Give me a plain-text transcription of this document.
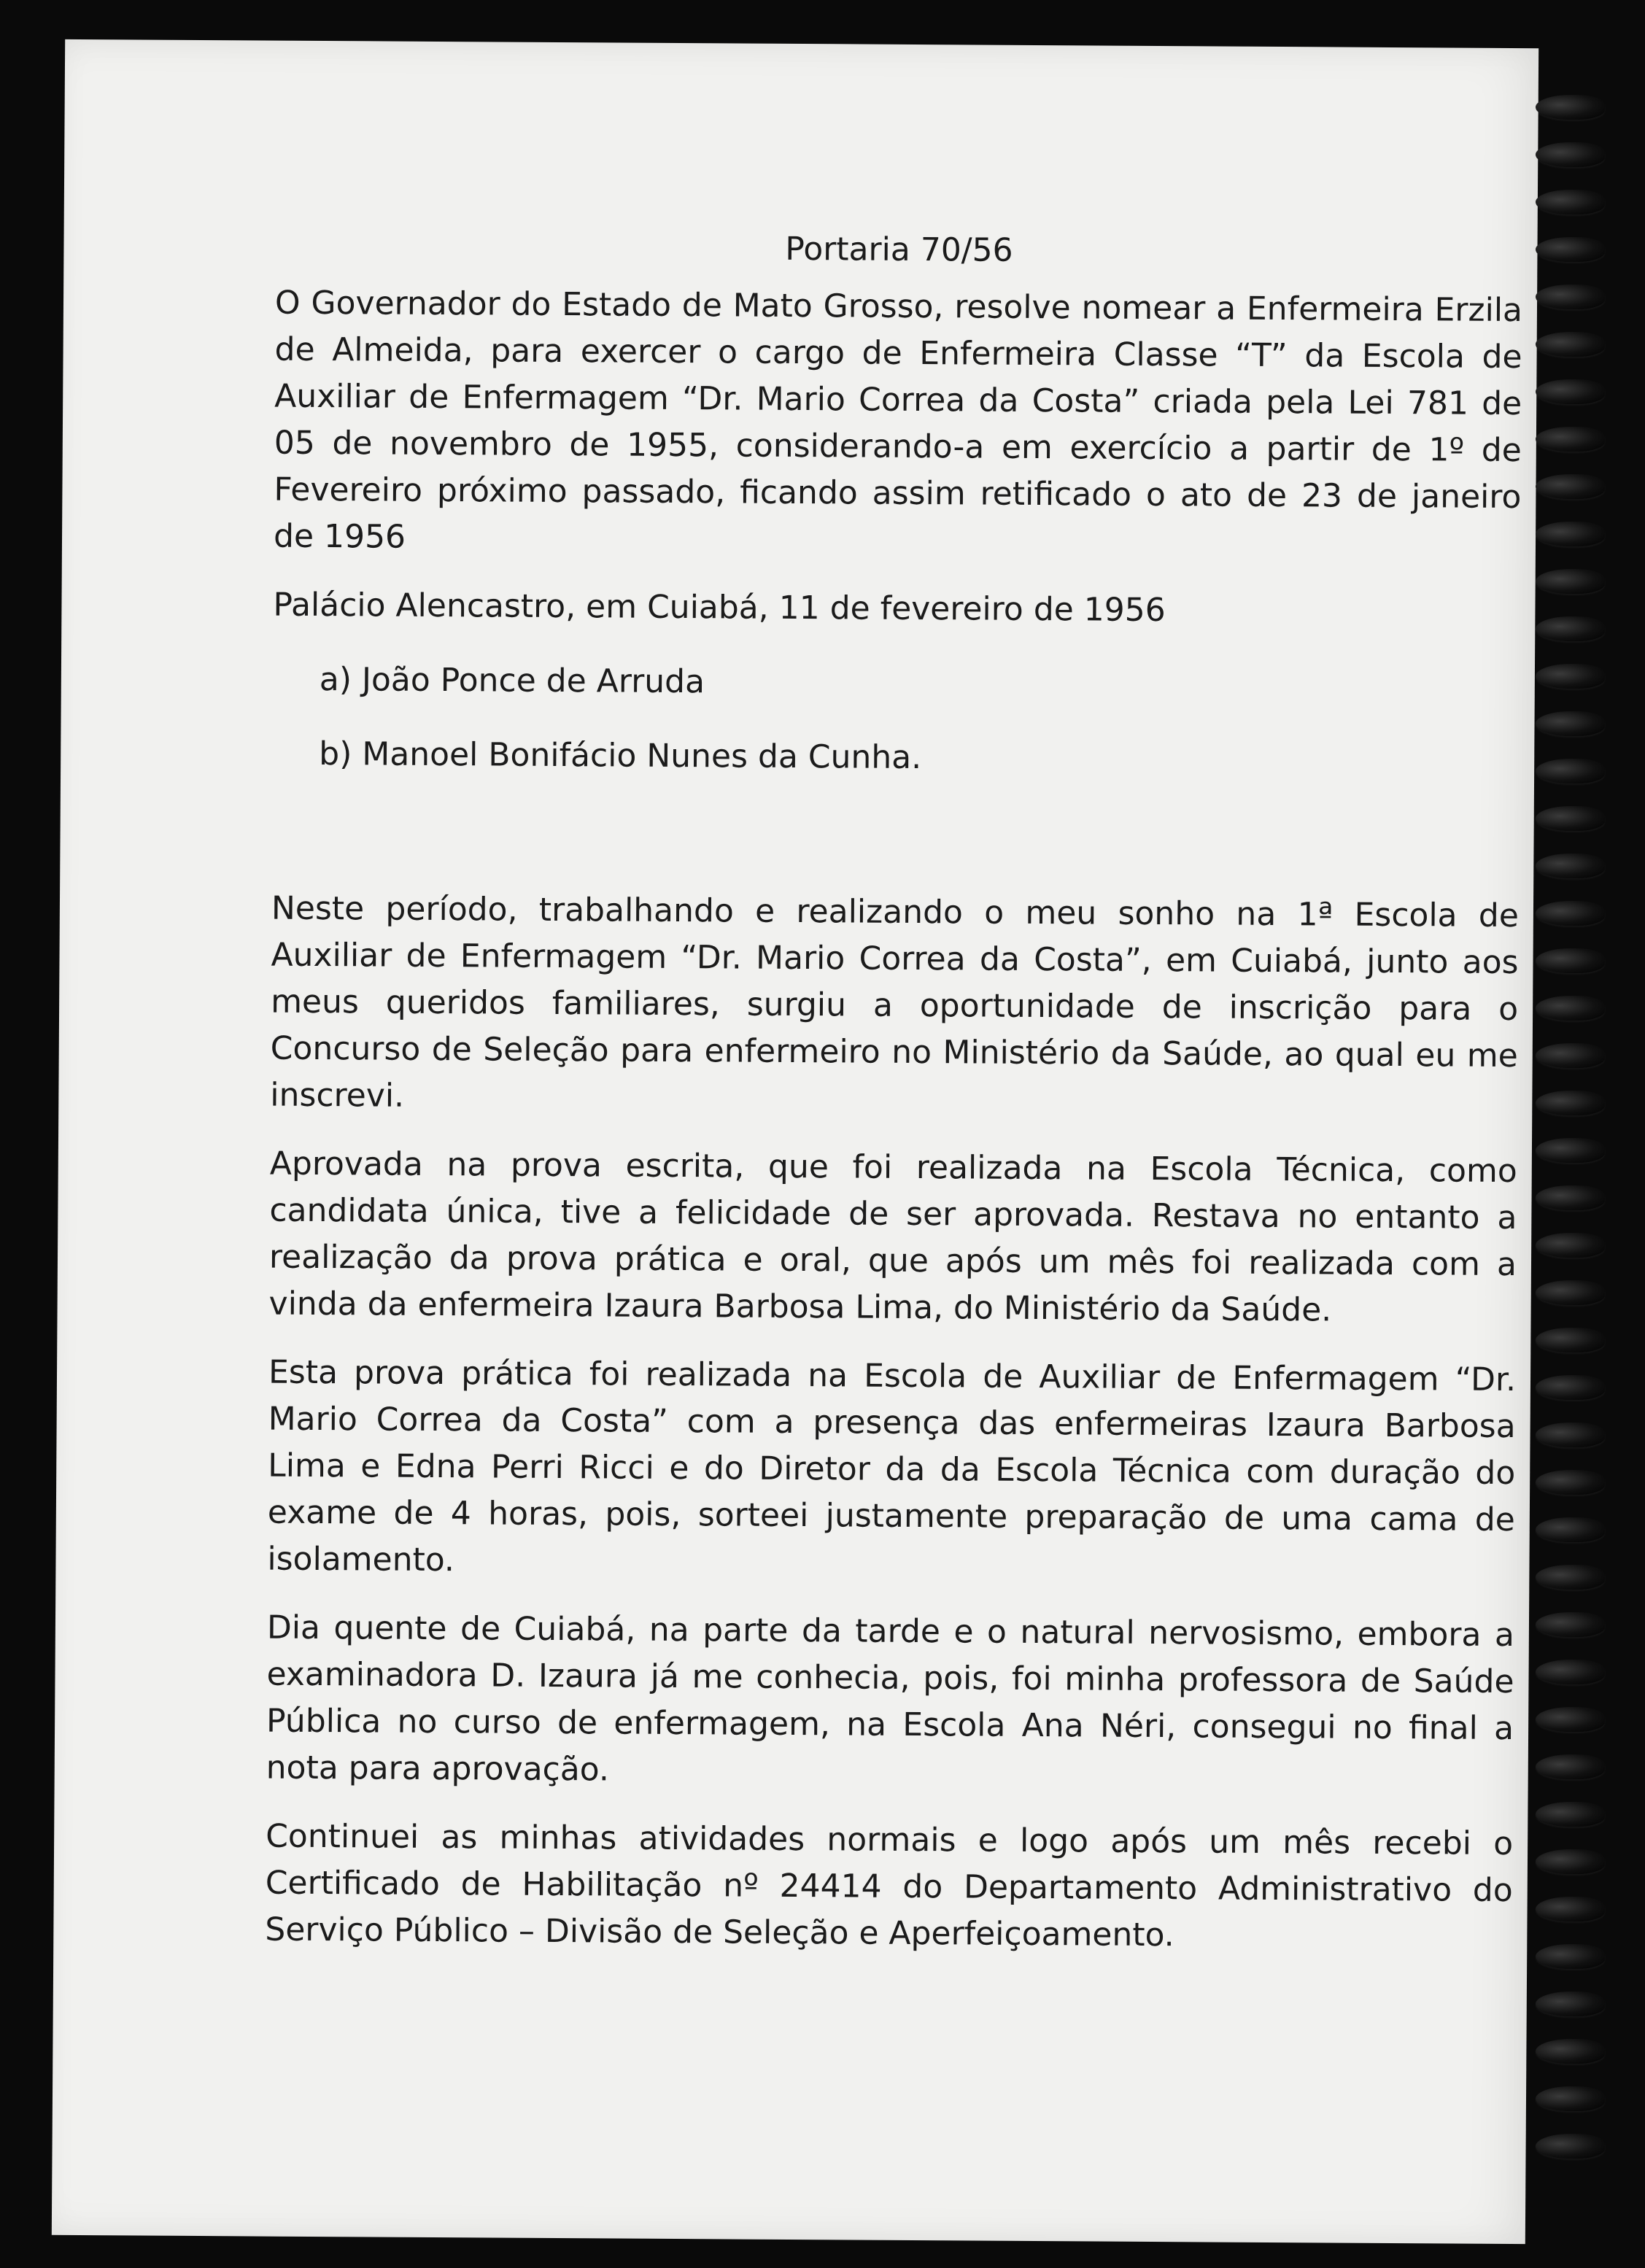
Portaria 70/56

O Governador do Estado de Mato Grosso, resolve nomear a Enfermeira Erzila de Almeida, para exercer o cargo de Enfermeira Classe “T” da Escola de Auxiliar de Enfermagem “Dr. Mario Correa da Costa” criada pela Lei 781 de 05 de novembro de 1955, considerando-a em exercício a partir de 1º de Fevereiro próximo passado, ficando assim retificado o ato de 23 de janeiro de 1956

Palácio Alencastro, em Cuiabá, 11 de fevereiro de 1956

a) João Ponce de Arruda

b) Manoel Bonifácio Nunes da Cunha.

Neste período, trabalhando e realizando o meu sonho na 1ª Escola de Auxiliar de Enfermagem “Dr. Mario Correa da Costa”, em Cuiabá, junto aos meus queridos familiares, surgiu a oportunidade de inscrição para o Concurso de Seleção para enfermeiro no Ministério da Saúde, ao qual eu me inscrevi.

Aprovada na prova escrita, que foi realizada na Escola Técnica, como candidata única, tive a felicidade de ser aprovada. Restava no entanto a realização da prova prática e oral, que após um mês foi realizada com a vinda da enfermeira Izaura Barbosa Lima, do Ministério da Saúde.

Esta prova prática foi realizada na Escola de Auxiliar de Enfermagem “Dr. Mario Correa da Costa” com a presença das enfermeiras Izaura Barbosa Lima e Edna Perri Ricci e do Diretor da da Escola Técnica com duração do exame de 4 horas, pois, sorteei justamente preparação de uma cama de isolamento.

Dia quente de Cuiabá, na parte da tarde e o natural nervosismo, embora a examinadora D. Izaura já me conhecia, pois, foi minha professora de Saúde Pública no curso de enfermagem, na Escola Ana Néri, consegui no final a nota para aprovação.

Continuei as minhas atividades normais e logo após um mês recebi o Certificado de Habilitação nº 24414 do Departamento Administrativo do Serviço Público – Divisão de Seleção e Aperfeiçoamento.
